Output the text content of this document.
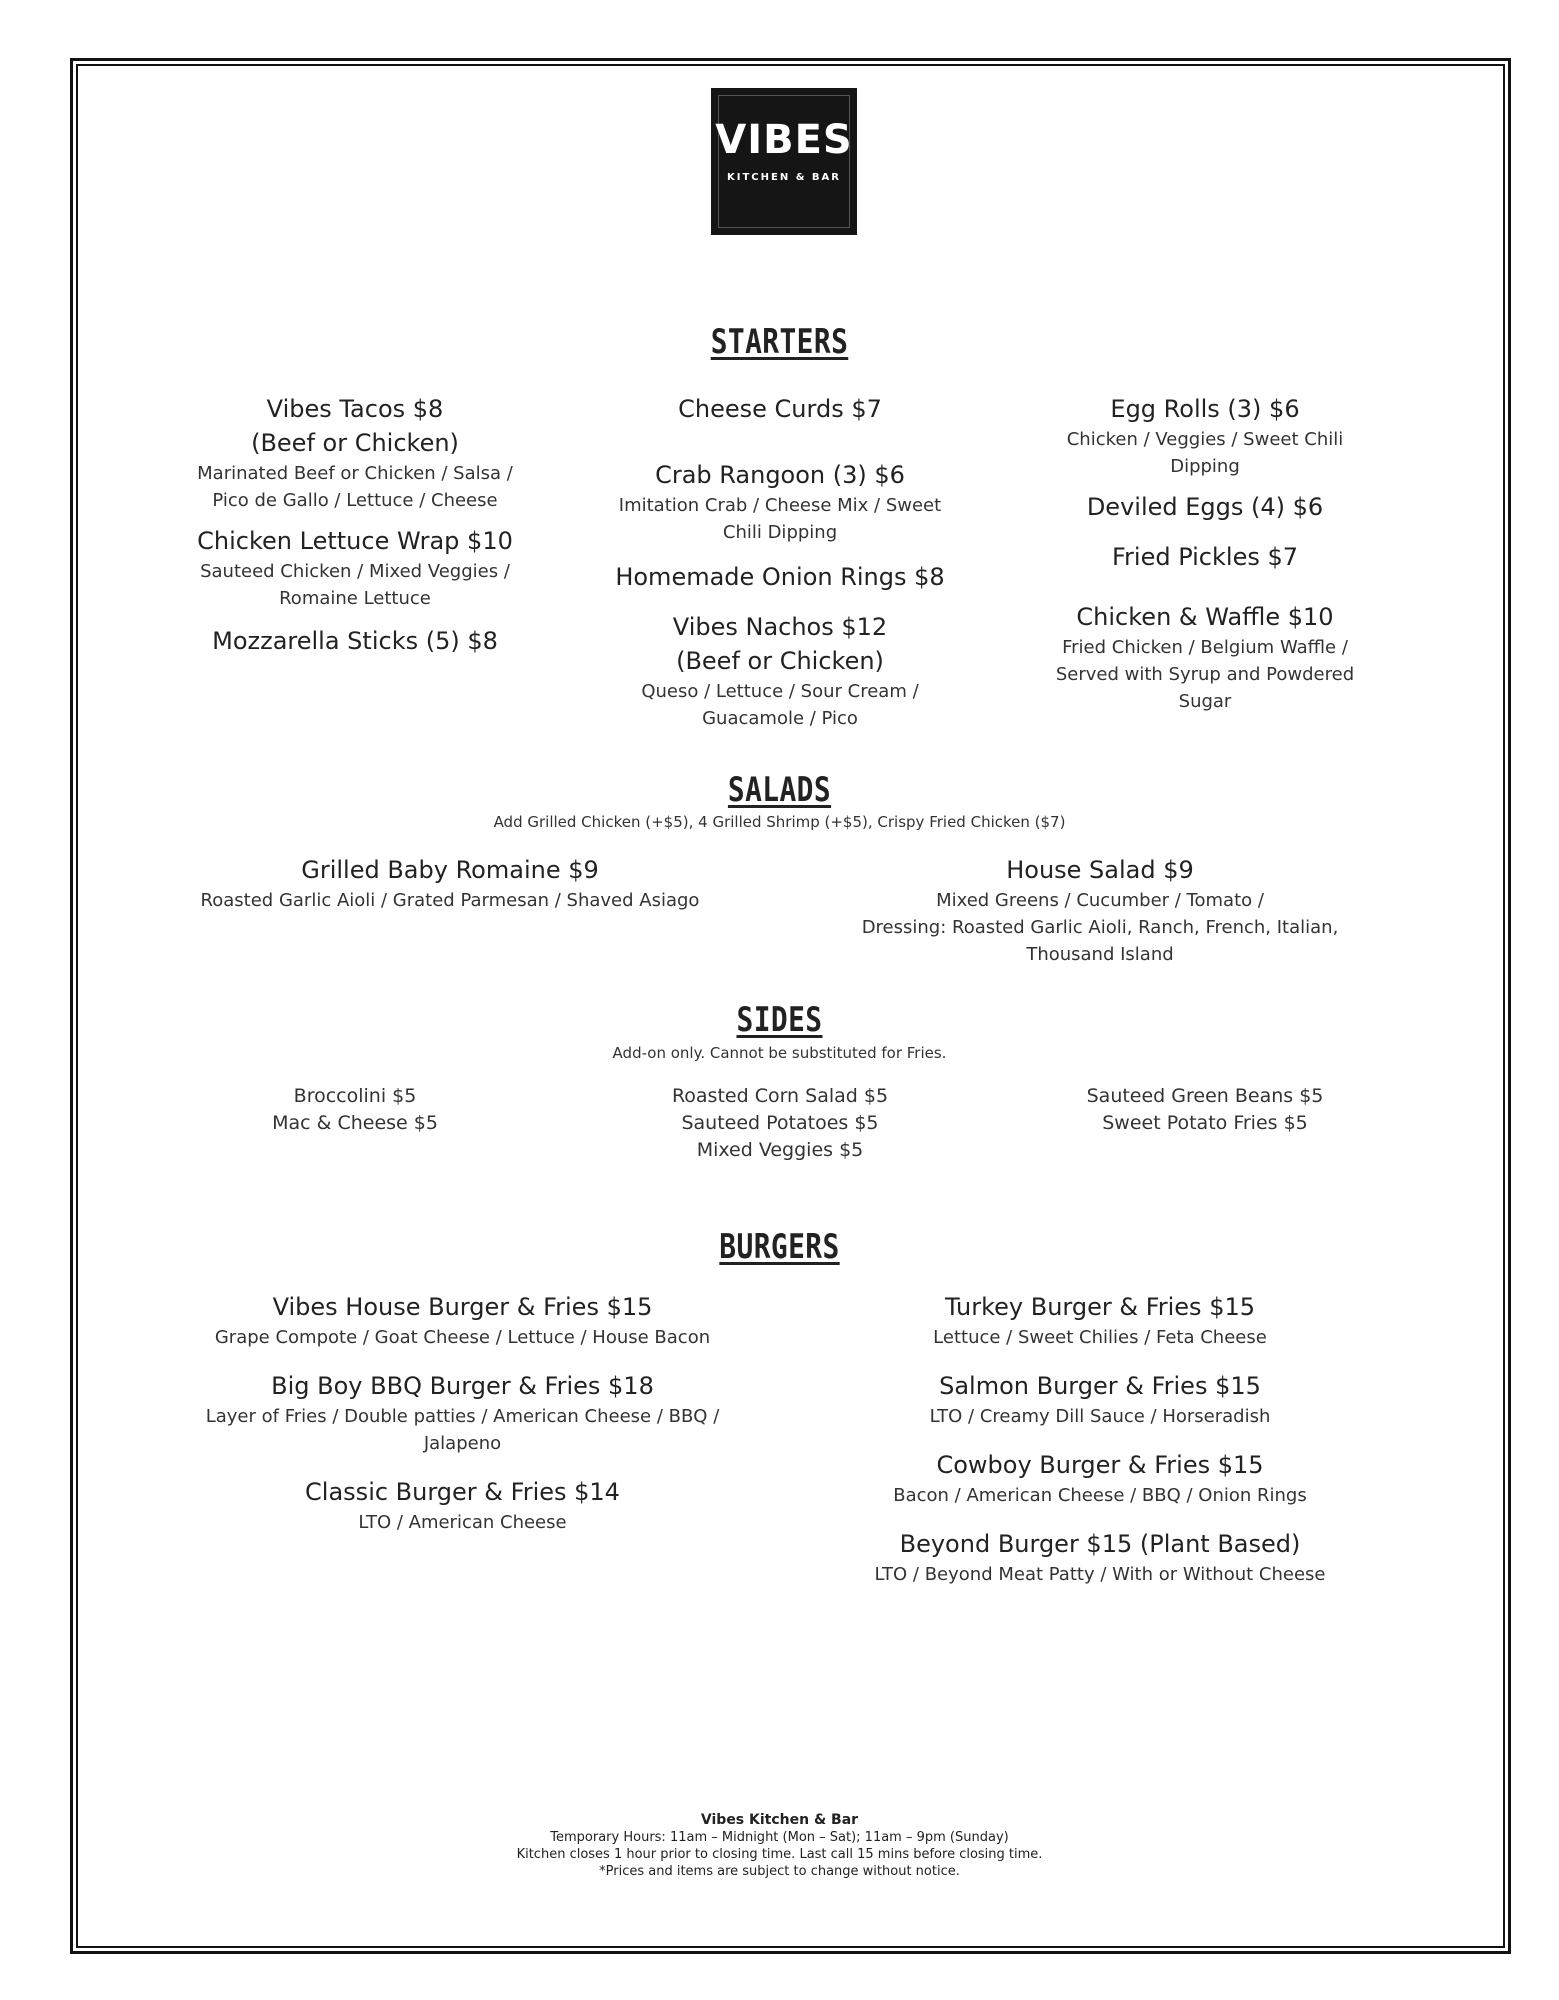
VIBES
KITCHEN & BAR
STARTERS
Vibes Tacos $8
(Beef or Chicken)
Marinated Beef or Chicken / Salsa /
Pico de Gallo / Lettuce / Cheese
Chicken Lettuce Wrap $10
Sauteed Chicken / Mixed Veggies /
Romaine Lettuce
Mozzarella Sticks (5) $8
Cheese Curds $7
Crab Rangoon (3) $6
Imitation Crab / Cheese Mix / Sweet
Chili Dipping
Homemade Onion Rings $8
Vibes Nachos $12
(Beef or Chicken)
Queso / Lettuce / Sour Cream /
Guacamole / Pico
Egg Rolls (3) $6
Chicken / Veggies / Sweet Chili
Dipping
Deviled Eggs (4) $6
Fried Pickles $7
Chicken & Waffle $10
Fried Chicken / Belgium Waffle /
Served with Syrup and Powdered
Sugar
SALADS
Add Grilled Chicken (+$5), 4 Grilled Shrimp (+$5), Crispy Fried Chicken ($7)
Grilled Baby Romaine $9
Roasted Garlic Aioli / Grated Parmesan / Shaved Asiago
House Salad $9
Mixed Greens / Cucumber / Tomato /
Dressing: Roasted Garlic Aioli, Ranch, French, Italian,
Thousand Island
SIDES
Add-on only. Cannot be substituted for Fries.
Broccolini $5
Mac & Cheese $5
Roasted Corn Salad $5
Sauteed Potatoes $5
Mixed Veggies $5
Sauteed Green Beans $5
Sweet Potato Fries $5
BURGERS
Vibes House Burger & Fries $15
Grape Compote / Goat Cheese / Lettuce / House Bacon
Big Boy BBQ Burger & Fries $18
Layer of Fries / Double patties / American Cheese / BBQ /
Jalapeno
Classic Burger & Fries $14
LTO / American Cheese
Turkey Burger & Fries $15
Lettuce / Sweet Chilies / Feta Cheese
Salmon Burger & Fries $15
LTO / Creamy Dill Sauce / Horseradish
Cowboy Burger & Fries $15
Bacon / American Cheese / BBQ / Onion Rings
Beyond Burger $15 (Plant Based)
LTO / Beyond Meat Patty / With or Without Cheese
Vibes Kitchen & Bar
Temporary Hours: 11am – Midnight (Mon – Sat); 11am – 9pm (Sunday)
Kitchen closes 1 hour prior to closing time. Last call 15 mins before closing time.
*Prices and items are subject to change without notice.
